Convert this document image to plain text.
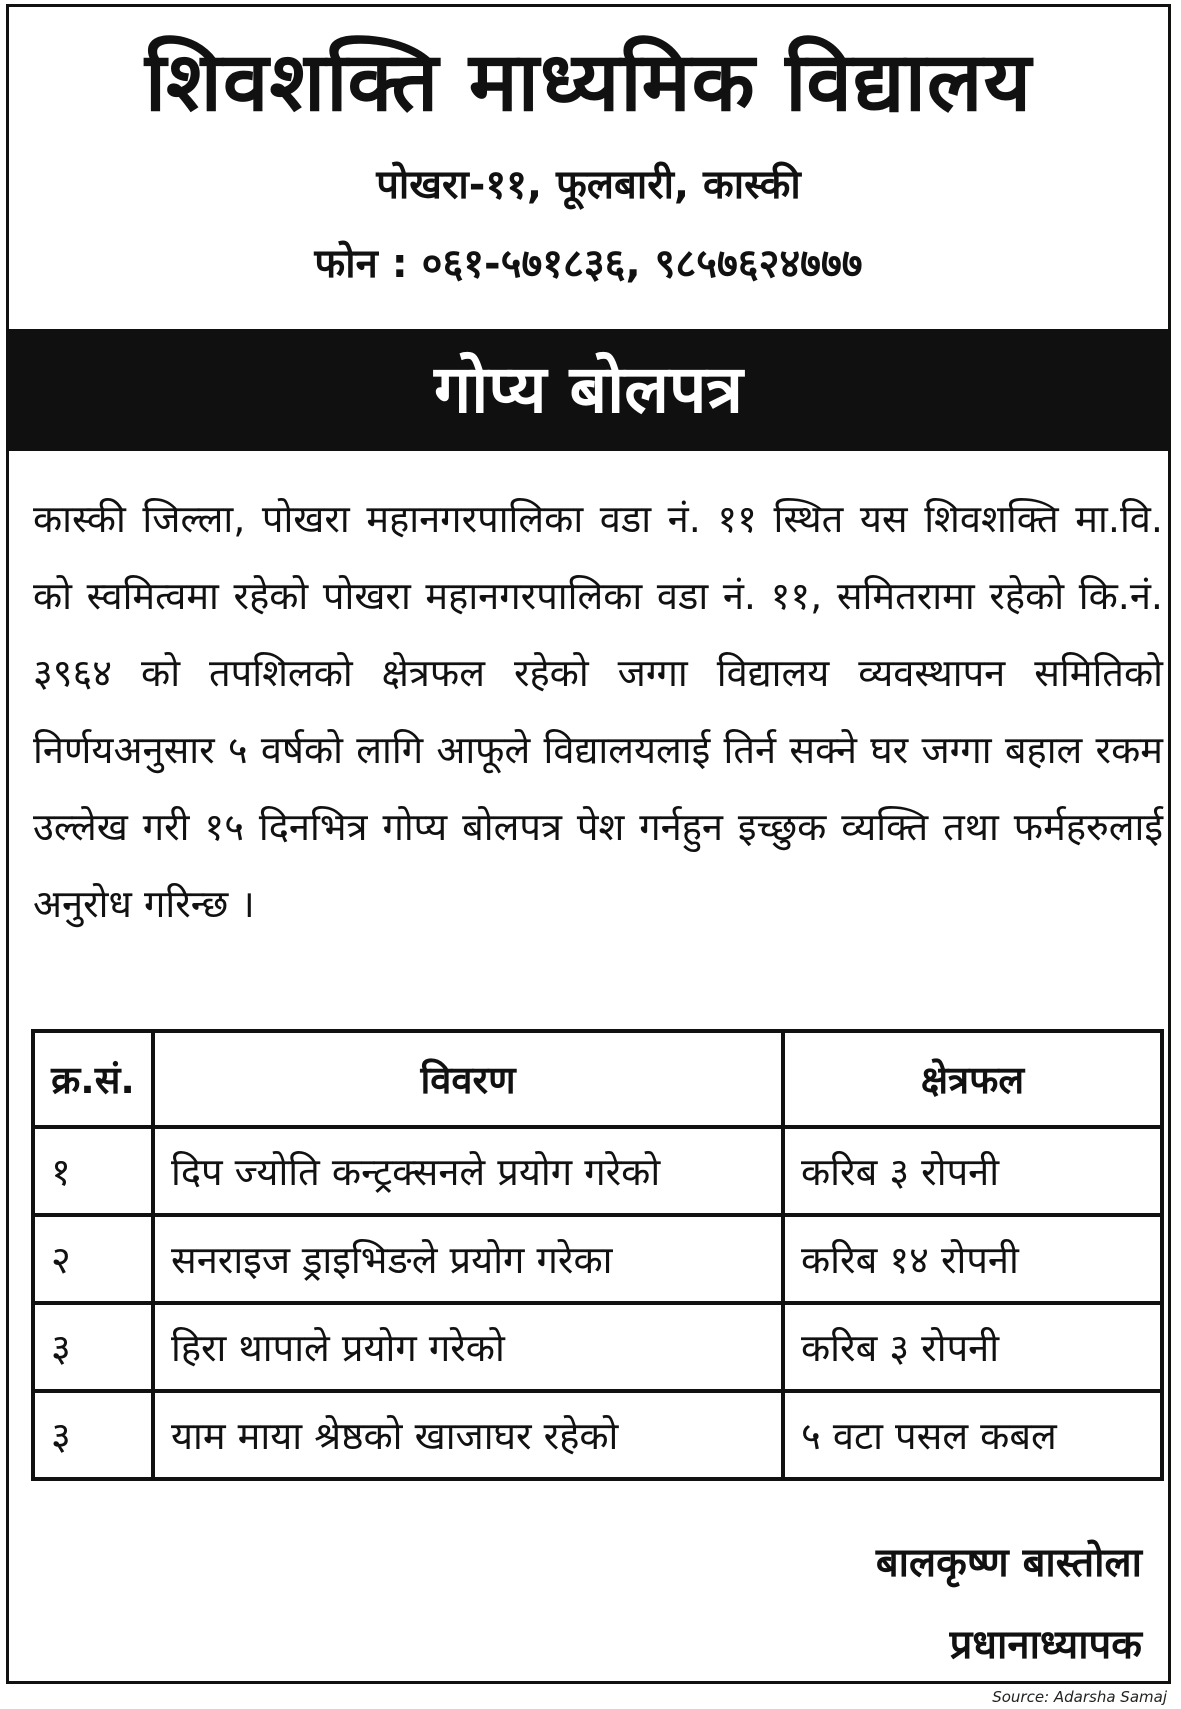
शिवशक्ति माध्यमिक विद्यालय
पोखरा-११, फूलबारी, कास्की
फोन : ०६१-५७१८३६, ९८५७६२४७७७
गोप्य बोलपत्र
कास्की जिल्ला, पोखरा महानगरपालिका वडा नं. ११ स्थित यस शिवशक्ति मा.वि. को स्वमित्वमा रहेको पोखरा महानगरपालिका वडा नं. ११, समितरामा रहेको कि.नं. ३९६४ को तपशिलको क्षेत्रफल रहेको जग्गा विद्यालय व्यवस्थापन समितिको निर्णयअनुसार ५ वर्षको लागि आफूले विद्यालयलाई तिर्न सक्ने घर जग्गा बहाल रकम उल्लेख गरी १५ दिनभित्र गोप्य बोलपत्र पेश गर्नहुन इच्छुक व्यक्ति तथा फर्महरुलाई अनुरोध गरिन्छ ।
क्र.सं.	विवरण	क्षेत्रफल
१	दिप ज्योति कन्ट्रक्सनले प्रयोग गरेको	करिब ३ रोपनी
२	सनराइज ड्राइभिङले प्रयोग गरेका	करिब १४ रोपनी
३	हिरा थापाले प्रयोग गरेको	करिब ३ रोपनी
३	याम माया श्रेष्ठको खाजाघर रहेको	५ वटा पसल कबल
बालकृष्ण बास्तोला
प्रधानाध्यापक
Source: Adarsha Samaj
